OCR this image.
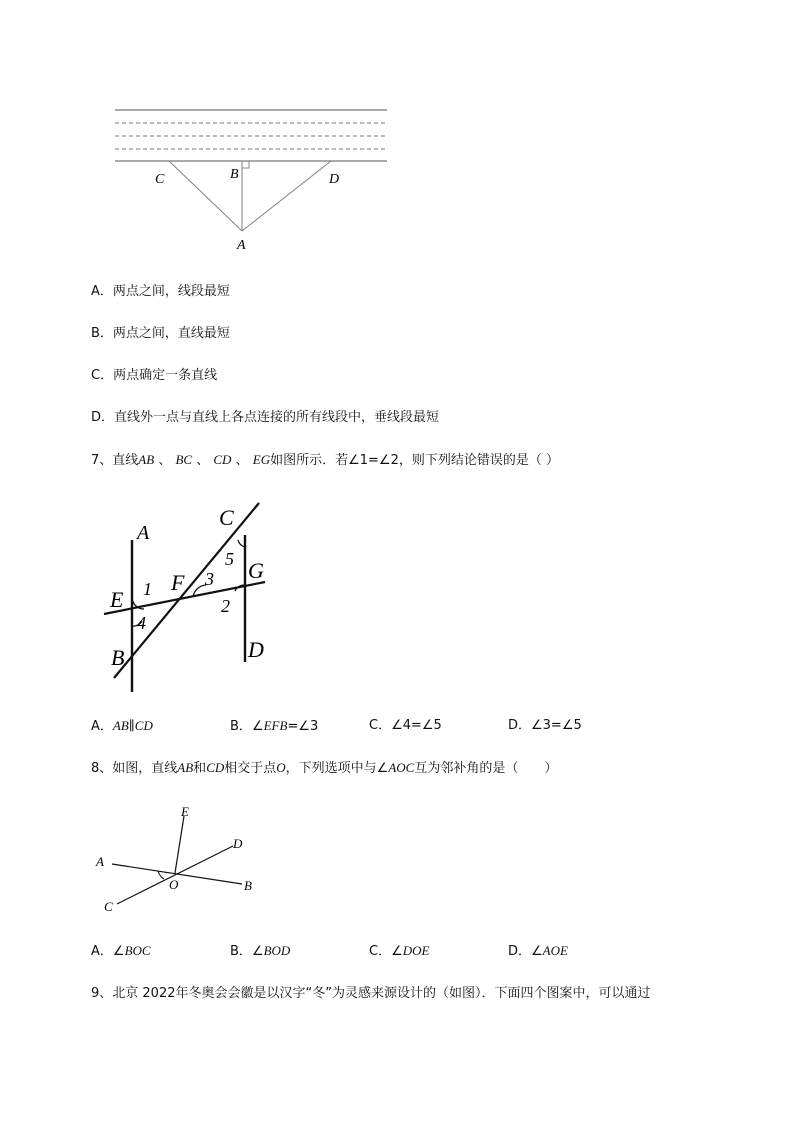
C	B	D
A
A．两点之间，线段最短
B．两点之间，直线最短
C．两点确定一条直线
D．直线外一点与直线上各点连接的所有线段中，垂线段最短
7、直线AB 、 BC 、 CD 、 EG如图所示．若∠1=∠2，则下列结论错误的是（ ）
A
C
G
E
F
B	D
1
4
3
5
2
A．AB∥CD	B．∠EFB=∠3	C．∠4=∠5	D．∠3=∠5
8、如图，直线AB和CD相交于点O，下列选项中与∠AOC互为邻补角的是（　　）
E
D
A
O	B
C
A．∠BOC	B．∠BOD	C．∠DOE	D．∠AOE
9、北京 2022年冬奥会会徽是以汉字“冬”为灵感来源设计的（如图）．下面四个图案中，可以通过
